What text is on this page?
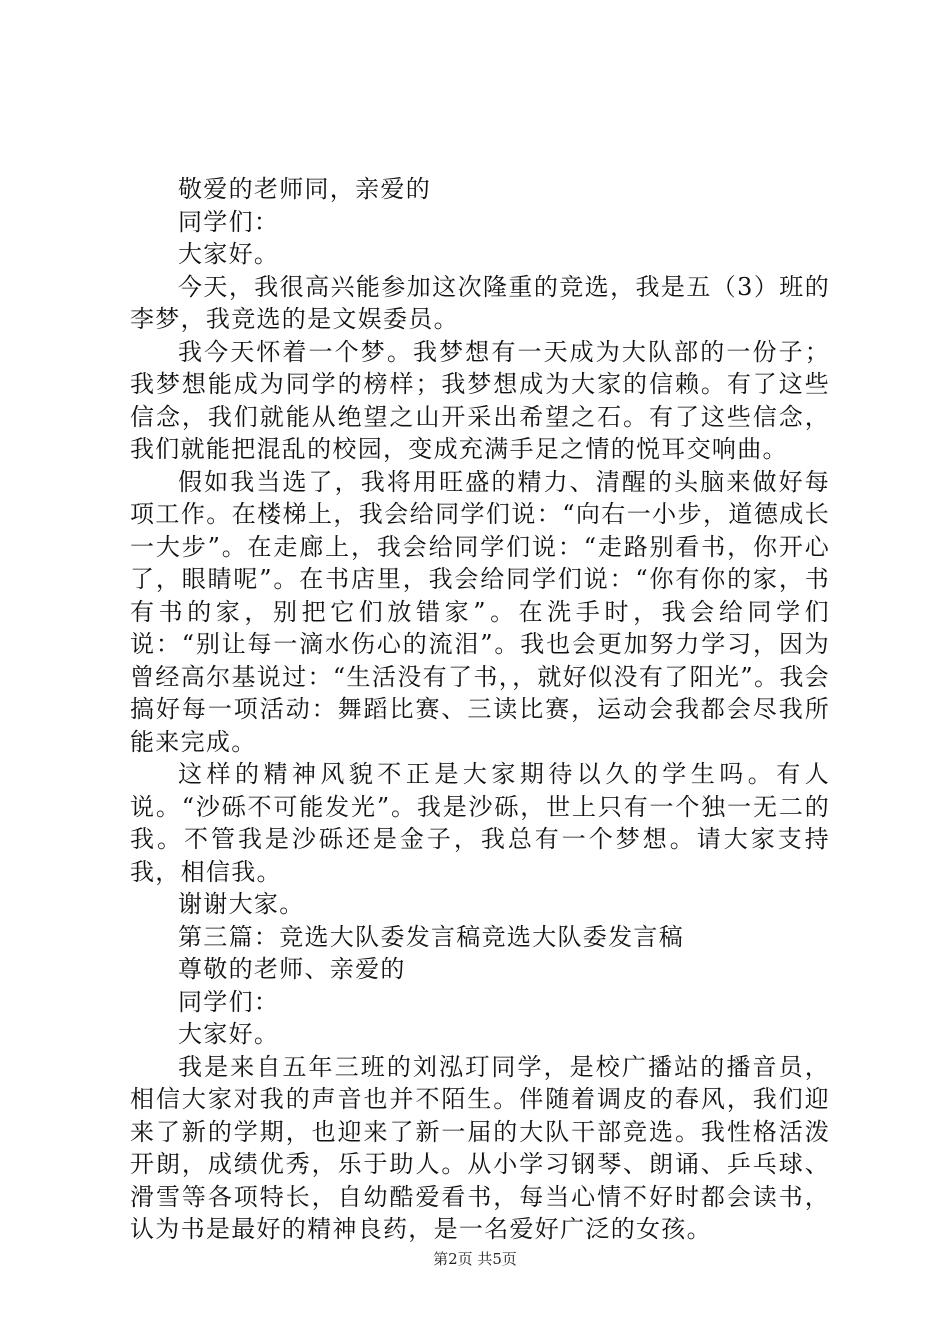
敬爱的老师同，亲爱的

同学们：

大家好。

今天，我很高兴能参加这次隆重的竞选，我是五（3）班的李梦，我竞选的是文娱委员。

我今天怀着一个梦。我梦想有一天成为大队部的一份子；我梦想能成为同学的榜样；我梦想成为大家的信赖。有了这些信念，我们就能从绝望之山开采出希望之石。有了这些信念，我们就能把混乱的校园，变成充满手足之情的悦耳交响曲。

假如我当选了，我将用旺盛的精力、清醒的头脑来做好每项工作。在楼梯上，我会给同学们说：“向右一小步，道德成长一大步”。在走廊上，我会给同学们说：“走路别看书，你开心了，眼睛呢”。在书店里，我会给同学们说：“你有你的家，书有书的家，别把它们放错家”。在洗手时，我会给同学们说：“别让每一滴水伤心的流泪”。我也会更加努力学习，因为曾经高尔基说过：“生活没有了书，，就好似没有了阳光”。我会搞好每一项活动：舞蹈比赛、三读比赛，运动会我都会尽我所能来完成。

这样的精神风貌不正是大家期待以久的学生吗。有人说。“沙砾不可能发光”。我是沙砾，世上只有一个独一无二的我。不管我是沙砾还是金子，我总有一个梦想。请大家支持我，相信我。

谢谢大家。

第三篇：竞选大队委发言稿竞选大队委发言稿

尊敬的老师、亲爱的

同学们：

大家好。

我是来自五年三班的刘泓玎同学，是校广播站的播音员，相信大家对我的声音也并不陌生。伴随着调皮的春风，我们迎来了新的学期，也迎来了新一届的大队干部竞选。我性格活泼开朗，成绩优秀，乐于助人。从小学习钢琴、朗诵、乒乓球、滑雪等各项特长，自幼酷爱看书，每当心情不好时都会读书，认为书是最好的精神良药，是一名爱好广泛的女孩。

第2页 共5页
